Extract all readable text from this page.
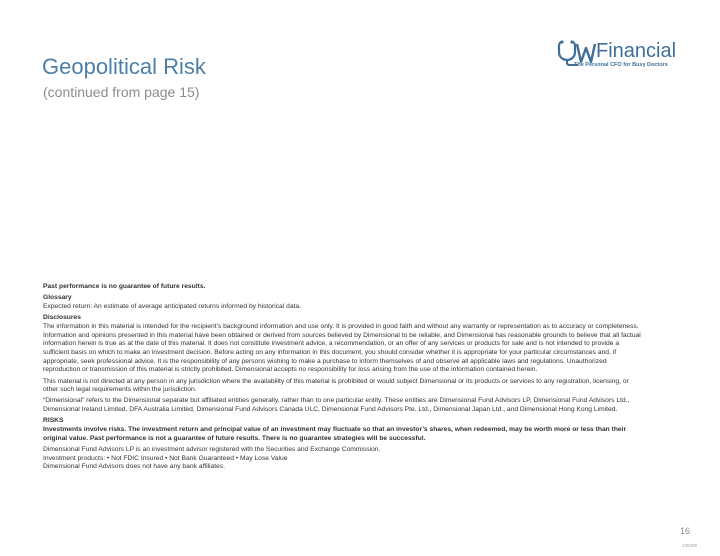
Geopolitical Risk
(continued from page 15)
Financial
The Personal CFO for Busy Doctors

Past performance is no guarantee of future results.

Glossary

Expected return: An estimate of average anticipated returns informed by historical data.

Disclosures

The information in this material is intended for the recipient's background information and use only. It is provided in good faith and without any warranty or representation as to accuracy or completeness. Information and opinions presented in this material have been obtained or derived from sources believed by Dimensional to be reliable, and Dimensional has reasonable grounds to believe that all factual information herein is true as at the date of this material. It does not constitute investment advice, a recommendation, or an offer of any services or products for sale and is not intended to provide a sufficient basis on which to make an investment decision. Before acting on any information in this document, you should consider whether it is appropriate for your particular circumstances and, if appropriate, seek professional advice. It is the responsibility of any persons wishing to make a purchase to inform themselves of and observe all applicable laws and regulations. Unauthorized reproduction or transmission of this material is strictly prohibited. Dimensional accepts no responsibility for loss arising from the use of the information contained herein.

This material is not directed at any person in any jurisdiction where the availability of this material is prohibited or would subject Dimensional or its products or services to any registration, licensing, or other such legal requirements within the jurisdiction.

“Dimensional” refers to the Dimensional separate but affiliated entities generally, rather than to one particular entity. These entities are Dimensional Fund Advisors LP, Dimensional Fund Advisors Ltd., Dimensional Ireland Limited, DFA Australia Limited, Dimensional Fund Advisors Canada ULC, Dimensional Fund Advisors Pte. Ltd., Dimensional Japan Ltd., and Dimensional Hong Kong Limited.

RISKS

Investments involve risks. The investment return and principal value of an investment may fluctuate so that an investor’s shares, when redeemed, may be worth more or less than their original value. Past performance is not a guarantee of future results. There is no guarantee strategies will be successful.

Dimensional Fund Advisors LP is an investment advisor registered with the Securities and Exchange Commission.

Investment products: • Not FDIC Insured • Not Bank Guaranteed • May Lose Value

Dimensional Fund Advisors does not have any bank affiliates.

16
135209
